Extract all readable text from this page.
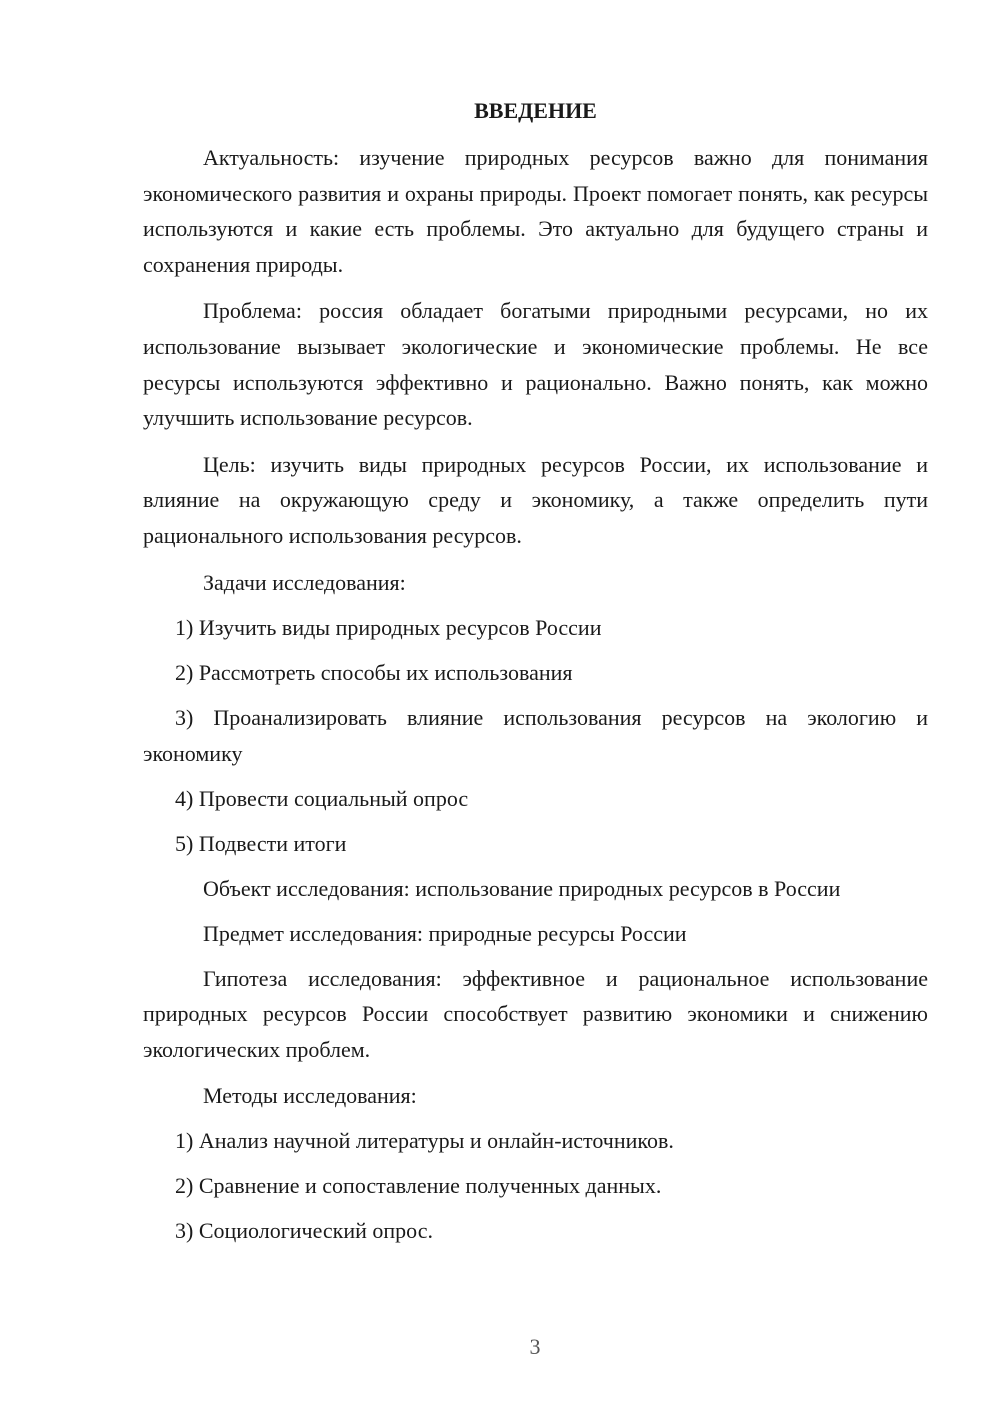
ВВЕДЕНИЕ

Актуальность: изучение природных ресурсов важно для понимания экономического развития и охраны природы. Проект помогает понять, как ресурсы используются и какие есть проблемы. Это актуально для будущего страны и сохранения природы.

Проблема: россия обладает богатыми природными ресурсами, но их использование вызывает экологические и экономические проблемы. Не все ресурсы используются эффективно и рационально. Важно понять, как можно улучшить использование ресурсов.

Цель: изучить виды природных ресурсов России, их использование и влияние на окружающую среду и экономику, а также определить пути рационального использования ресурсов.

Задачи исследования:

1) Изучить виды природных ресурсов России

2) Рассмотреть способы их использования

3) Проанализировать влияние использования ресурсов на экологию и экономику

4) Провести социальный опрос

5) Подвести итоги

Объект исследования: использование природных ресурсов в России

Предмет исследования: природные ресурсы России

Гипотеза исследования: эффективное и рациональное использование природных ресурсов России способствует развитию экономики и снижению экологических проблем.

Методы исследования:

1) Анализ научной литературы и онлайн-источников.

2) Сравнение и сопоставление полученных данных.

3) Социологический опрос.

3
